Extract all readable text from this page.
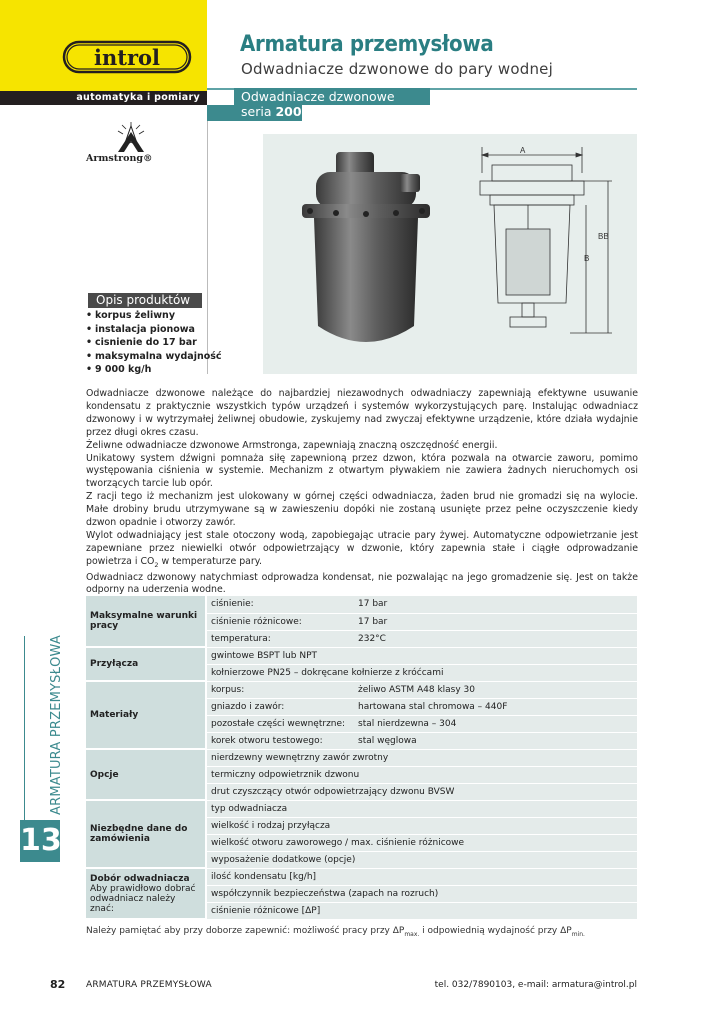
introl
automatyka i pomiary
Armatura przemysłowa
Odwadniacze dzwonowe do pary wodnej
Odwadniacze dzwonowe
seria 200
Armstrong®
A
BB
B
Opis produktów
• korpus żeliwny
• instalacja pionowa
• cisnienie do 17 bar
• maksymalna wydajność
• 9 000 kg/h

Odwadniacze dzwonowe należące do najbardziej niezawodnych odwadniaczy zapewniają efektywne usuwanie kondensatu z praktycznie wszystkich typów urządzeń i systemów wykorzystujących parę. Instalując odwadniacz dzwonowy i w wytrzymałej żeliwnej obudowie, zyskujemy nad zwyczaj efektywne urządzenie, które działa wydajnie przez długi okres czasu.

Żeliwne odwadniacze dzwonowe Armstronga, zapewniają znaczną oszczędność energii.

Unikatowy system dźwigni pomnaża siłę zapewnioną przez dzwon, która pozwala na otwarcie zaworu, pomimo występowania ciśnienia w systemie. Mechanizm z otwartym pływakiem nie zawiera żadnych nieruchomych osi tworzących tarcie lub opór.

Z racji tego iż mechanizm jest ulokowany w górnej części odwadniacza, żaden brud nie gromadzi się na wylocie. Małe drobiny brudu utrzymywane są w zawieszeniu dopóki nie zostaną usunięte przez pełne oczyszczenie kiedy dzwon opadnie i otworzy zawór.

Wylot odwadniający jest stale otoczony wodą, zapobiegając utracie pary żywej. Automatyczne odpowietrzanie jest zapewniane przez niewielki otwór odpowietrzający w dzwonie, który zapewnia stałe i ciągłe odprowadzanie powietrza i $CO_2$ w temperaturze pary.

Odwadniacz dzwonowy natychmiast odprowadza kondensat, nie pozwalając na jego gromadzenie się. Jest on także odporny na uderzenia wodne.

ARMATURA PRZEMYSŁOWA
13
Maksymalne warunki pracy	ciśnienie:	17 bar
	ciśnienie różnicowe:	17 bar
	temperatura:	232°C
Przyłącza	gwintowe BSPT lub NPT	
	kołnierzowe PN25 – dokręcane kołnierze z króćcami	
Materiały	korpus:	żeliwo ASTM A48 klasy 30
	gniazdo i zawór:	hartowana stal chromowa – 440F
	pozostałe części wewnętrzne:	stal nierdzewna – 304
	korek otworu testowego:	stal węglowa
Opcje	nierdzewny wewnętrzny zawór zwrotny	
	termiczny odpowietrznik dzwonu	
	drut czyszczący otwór odpowietrzający dzwonu BVSW	
Niezbędne dane do zamówienia	typ odwadniacza	
	wielkość i rodzaj przyłącza	
	wielkość otworu zaworowego / max. ciśnienie różnicowe	
	wyposażenie dodatkowe (opcje)	

Dobór odwadniacza
Aby prawidłowo dobrać odwadniacz należy znać:	ilość kondensatu [kg/h]	
	współczynnik bezpieczeństwa (zapach na rozruch)	
	ciśnienie różnicowe [ΔP]	
Należy pamiętać aby przy doborze zapewnić: możliwość pracy przy $\Delta P_{max.}$ i odpowiednią wydajność przy $\Delta P_{min.}$
82 ARMATURA PRZEMYSŁOWA	tel. 032/7890103, e-mail: armatura@introl.pl
